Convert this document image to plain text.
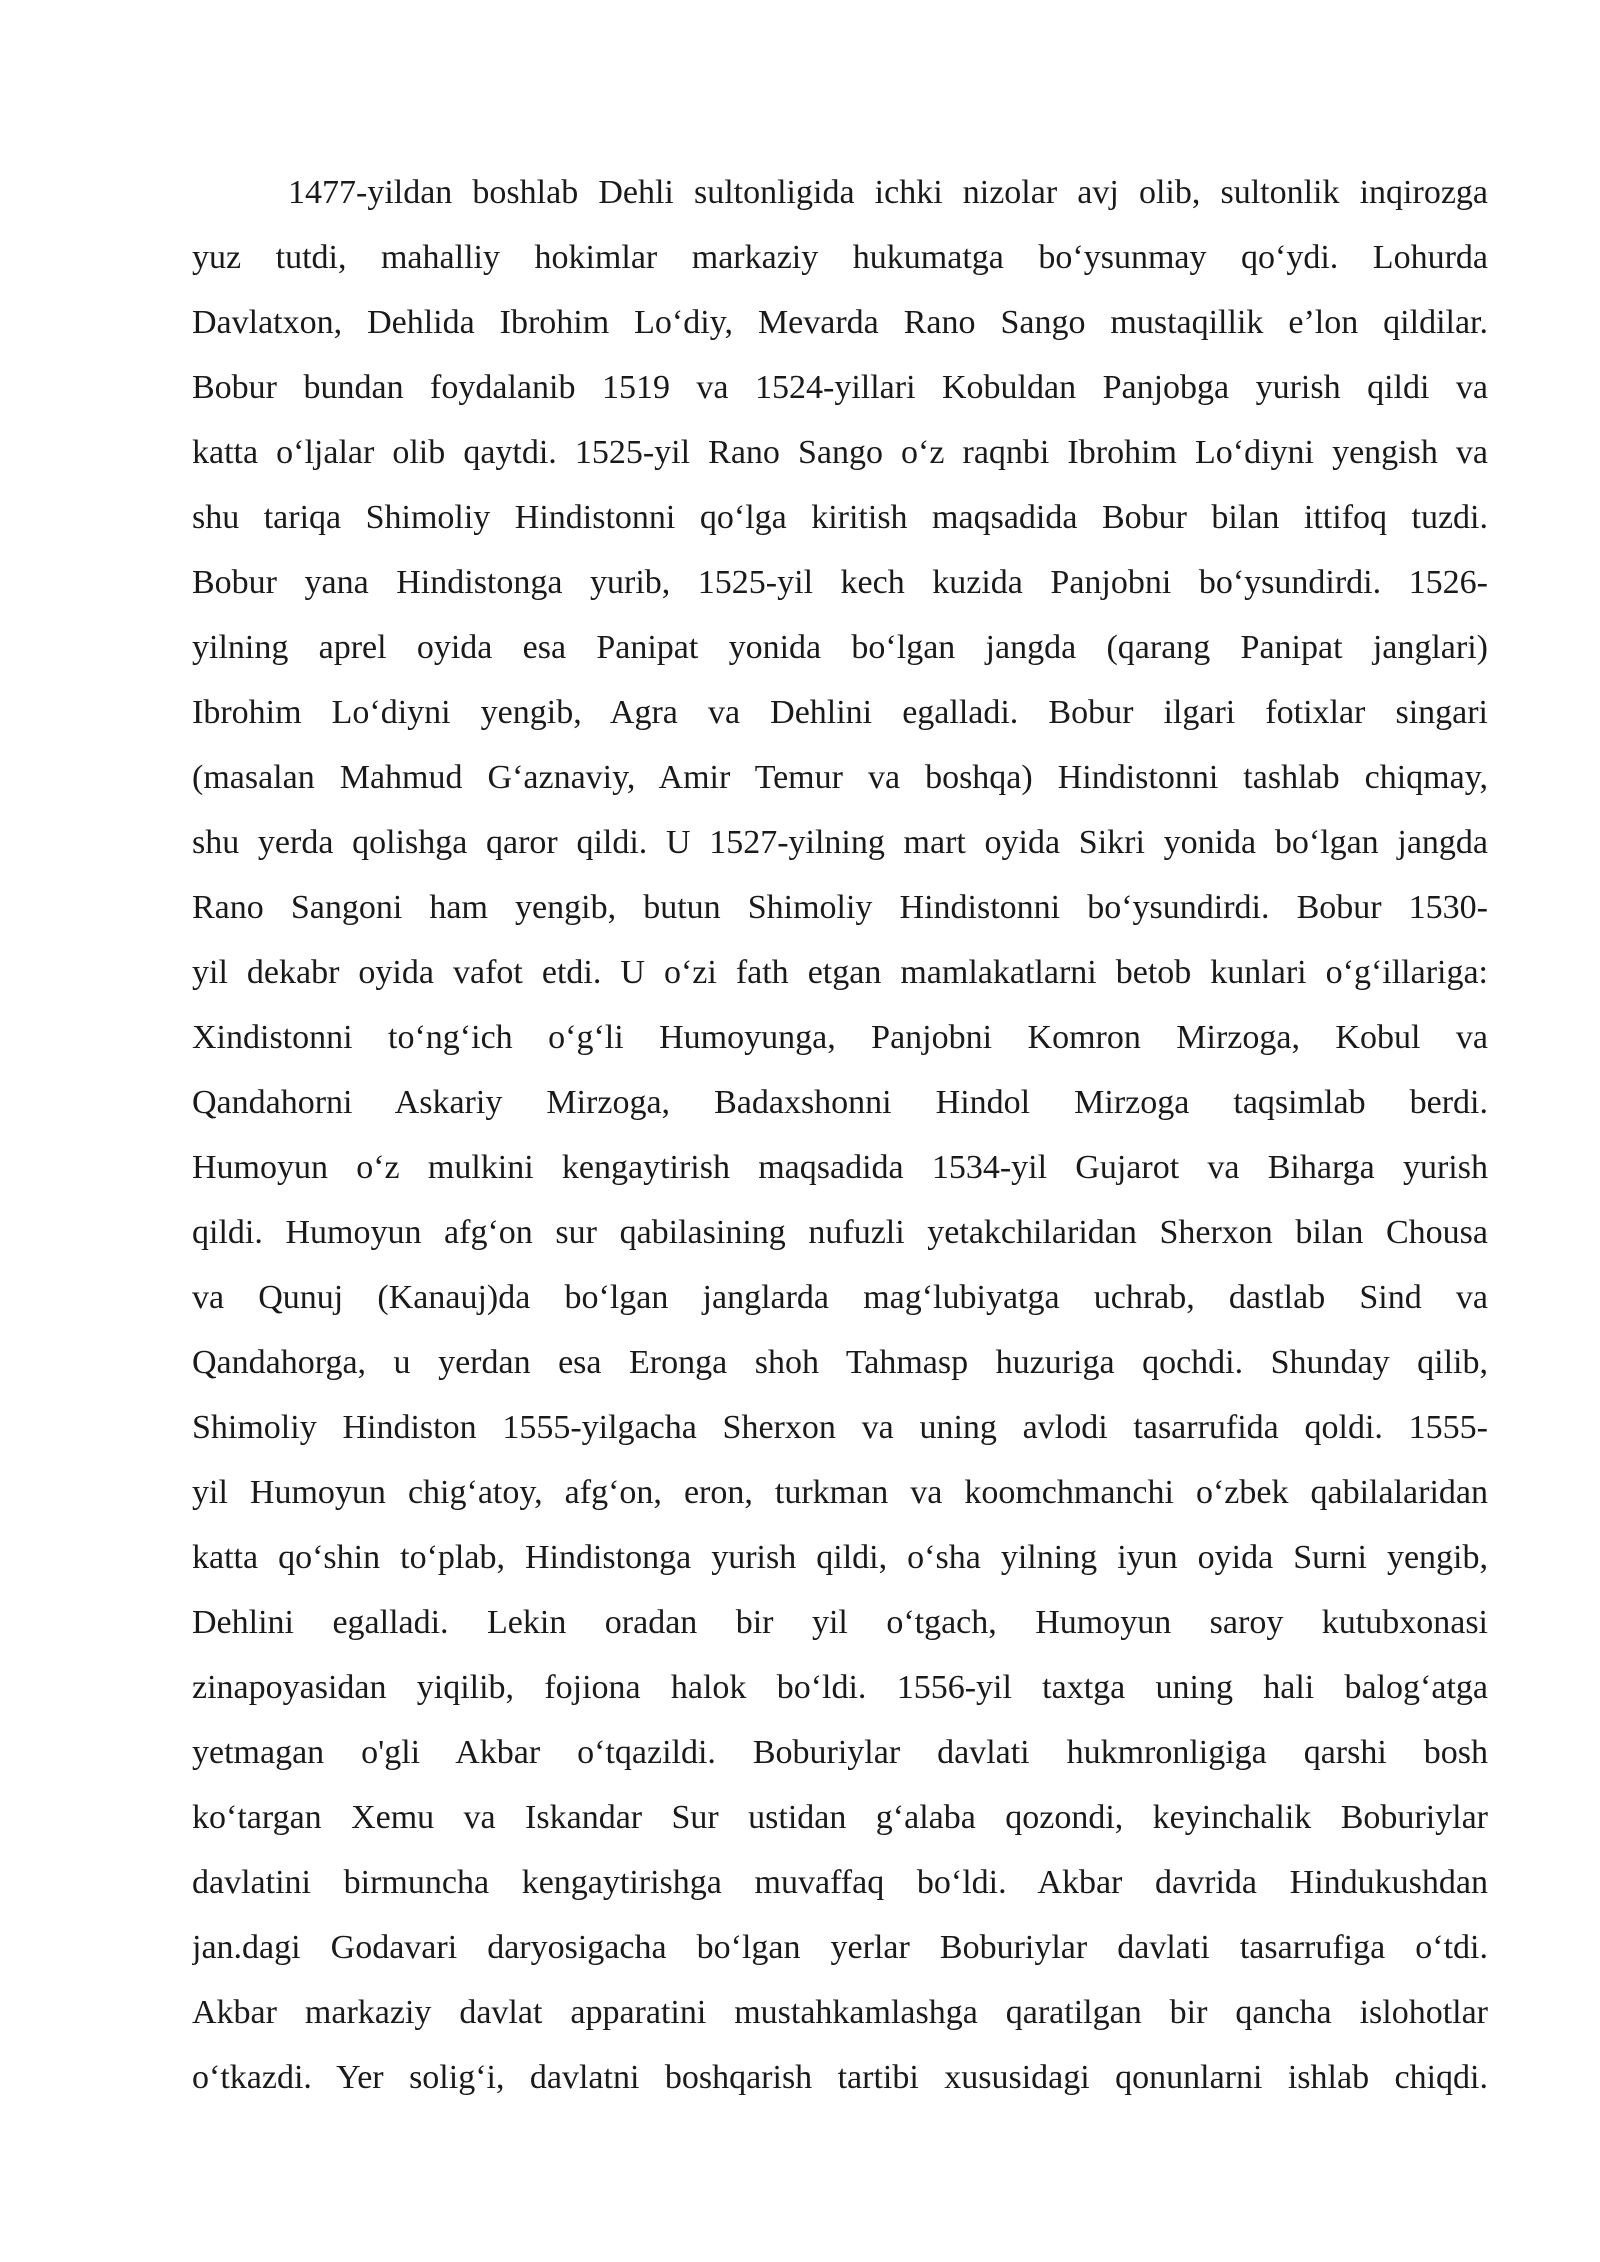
1477-yildan boshlab Dehli sultonligida ichki nizolar avj olib, sultonlik inqirozga
yuz tutdi, mahalliy hokimlar markaziy hukumatga bo‘ysunmay qo‘ydi. Lohurda
Davlatxon, Dehlida Ibrohim Lo‘diy, Mevarda Rano Sango mustaqillik e’lon qildilar.
Bobur bundan foydalanib 1519 va 1524-yillari Kobuldan Panjobga yurish qildi va
katta o‘ljalar olib qaytdi. 1525-yil Rano Sango o‘z raqnbi Ibrohim Lo‘diyni yengish va
shu tariqa Shimoliy Hindistonni qo‘lga kiritish maqsadida Bobur bilan ittifoq tuzdi.
Bobur yana Hindistonga yurib, 1525-yil kech kuzida Panjobni bo‘ysundirdi. 1526-
yilning aprel oyida esa Panipat yonida bo‘lgan jangda (qarang Panipat janglari)
Ibrohim Lo‘diyni yengib, Agra va Dehlini egalladi. Bobur ilgari fotixlar singari
(masalan Mahmud G‘aznaviy, Amir Temur va boshqa) Hindistonni tashlab chiqmay,
shu yerda qolishga qaror qildi. U 1527-yilning mart oyida Sikri yonida bo‘lgan jangda
Rano Sangoni ham yengib, butun Shimoliy Hindistonni bo‘ysundirdi. Bobur 1530-
yil dekabr oyida vafot etdi. U o‘zi fath etgan mamlakatlarni betob kunlari o‘g‘illariga:
Xindistonni to‘ng‘ich o‘g‘li Humoyunga, Panjobni Komron Mirzoga, Kobul va
Qandahorni Askariy Mirzoga, Badaxshonni Hindol Mirzoga taqsimlab berdi.
Humoyun o‘z mulkini kengaytirish maqsadida 1534-yil Gujarot va Biharga yurish
qildi. Humoyun afg‘on sur qabilasining nufuzli yetakchilaridan Sherxon bilan Chousa
va Qunuj (Kanauj)da bo‘lgan janglarda mag‘lubiyatga uchrab, dastlab Sind va
Qandahorga, u yerdan esa Eronga shoh Tahmasp huzuriga qochdi. Shunday qilib,
Shimoliy Hindiston 1555-yilgacha Sherxon va uning avlodi tasarrufida qoldi. 1555-
yil Humoyun chig‘atoy, afg‘on, eron, turkman va koomchmanchi o‘zbek qabilalaridan
katta qo‘shin to‘plab, Hindistonga yurish qildi, o‘sha yilning iyun oyida Surni yengib,
Dehlini egalladi. Lekin oradan bir yil o‘tgach, Humoyun saroy kutubxonasi
zinapoyasidan yiqilib, fojiona halok bo‘ldi. 1556-yil taxtga uning hali balog‘atga
yetmagan o'gli Akbar o‘tqazildi. Boburiylar davlati hukmronligiga qarshi bosh
ko‘targan Xemu va Iskandar Sur ustidan g‘alaba qozondi, keyinchalik Boburiylar
davlatini birmuncha kengaytirishga muvaffaq bo‘ldi. Akbar davrida Hindukushdan
jan.dagi Godavari daryosigacha bo‘lgan yerlar Boburiylar davlati tasarrufiga o‘tdi.
Akbar markaziy davlat apparatini mustahkamlashga qaratilgan bir qancha islohotlar
o‘tkazdi. Yer solig‘i, davlatni boshqarish tartibi xususidagi qonunlarni ishlab chiqdi.
